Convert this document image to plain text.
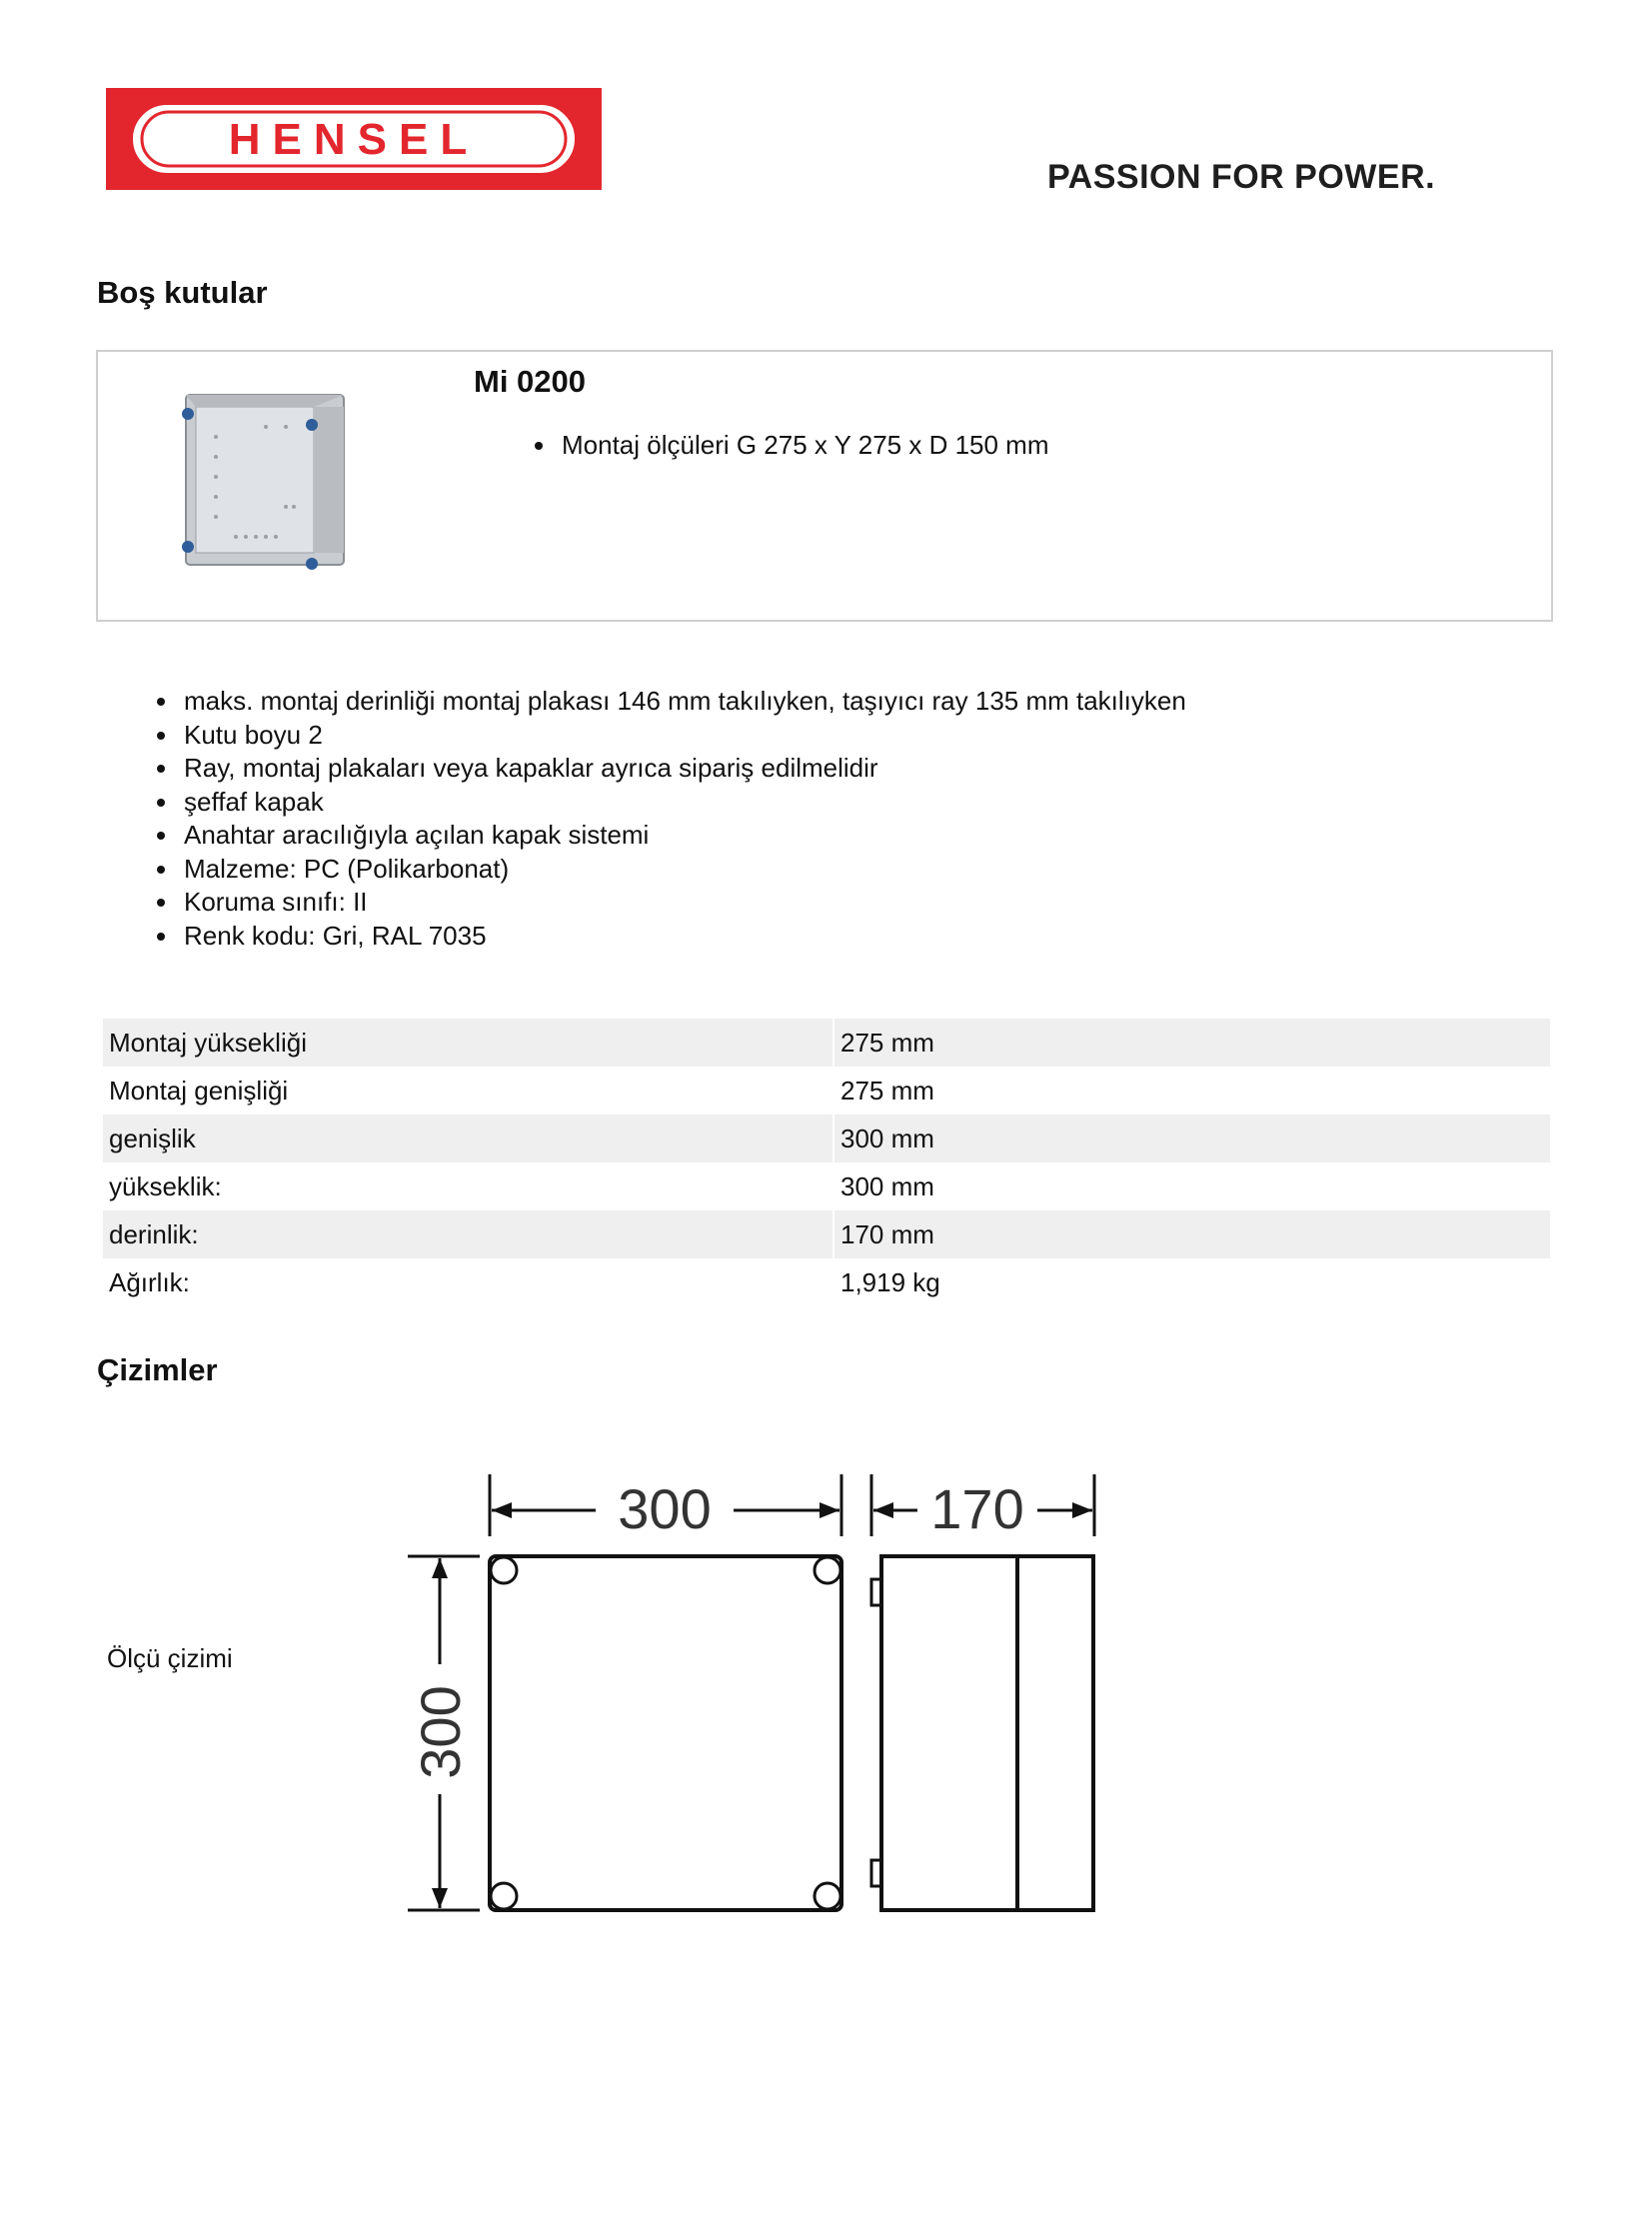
HENSEL
PASSION FOR POWER.
Boş kutular
Mi 0200
• Montaj ölçüleri G 275 x Y 275 x D 150 mm
• maks. montaj derinliği montaj plakası 146 mm takılıyken, taşıyıcı ray 135 mm takılıyken
• Kutu boyu 2
• Ray, montaj plakaları veya kapaklar ayrıca sipariş edilmelidir
• şeffaf kapak
• Anahtar aracılığıyla açılan kapak sistemi
• Malzeme: PC (Polikarbonat)
• Koruma sınıfı: II
• Renk kodu: Gri, RAL 7035
Montaj yüksekliği	275 mm
Montaj genişliği	275 mm
genişlik	300 mm
yükseklik:	300 mm
derinlik:	170 mm
Ağırlık:	1,919 kg
Çizimler
Ölçü çizimi
300	170
300
